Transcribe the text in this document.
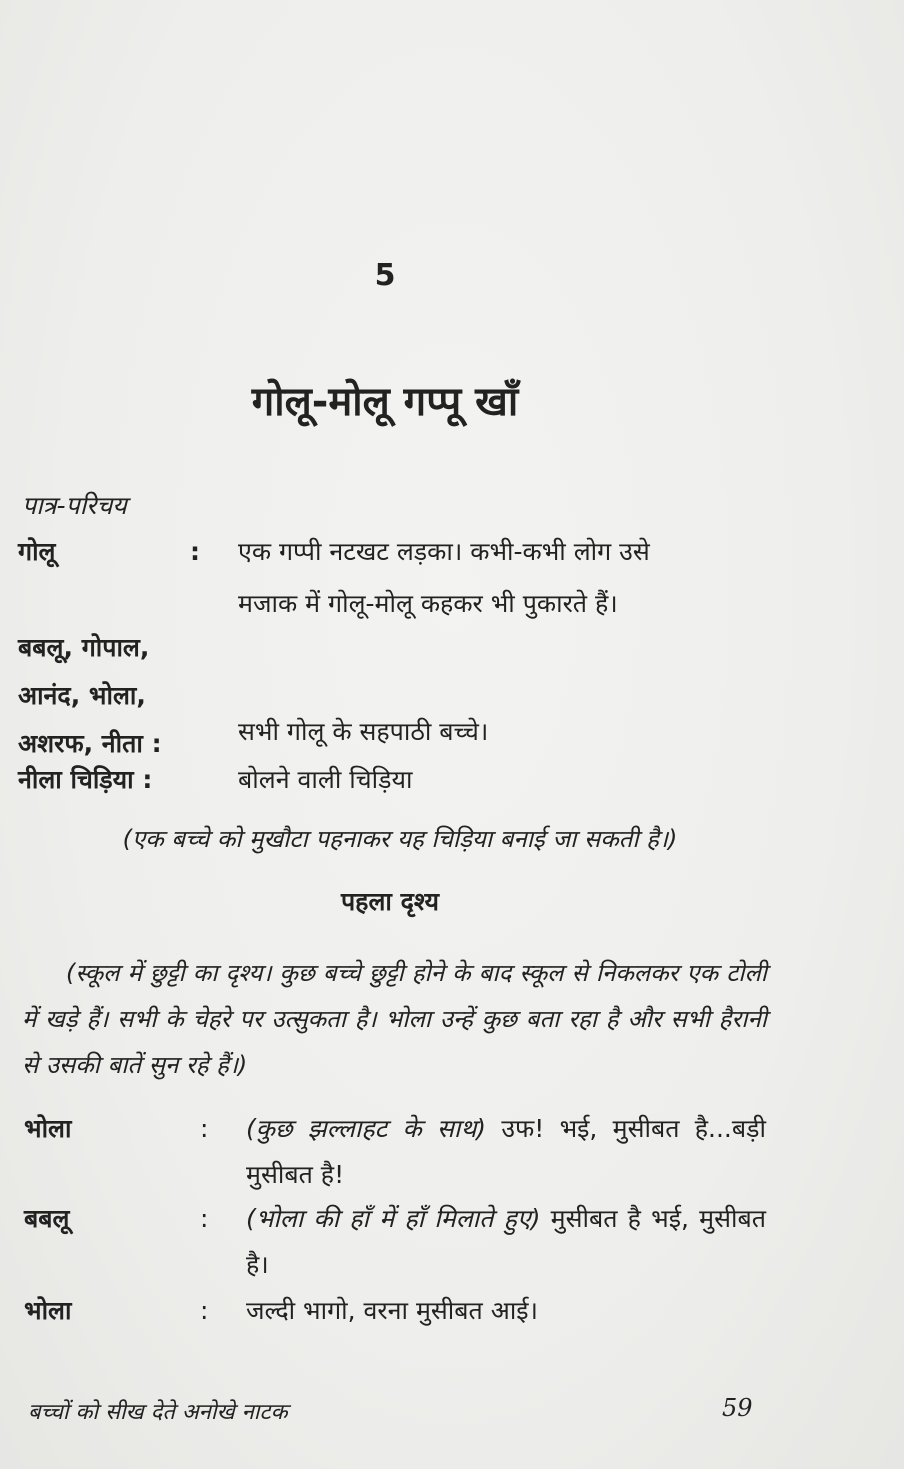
5
गोलू-मोलू गप्पू खाँ
पात्र-परिचय
गोलू	: एक गप्पी नटखट लड़का। कभी-कभी लोग उसे
मजाक में गोलू-मोलू कहकर भी पुकारते हैं।
बबलू, गोपाल,
आनंद, भोला,
अशरफ, नीता :	सभी गोलू के सहपाठी बच्चे।
नीला चिड़िया :	बोलने वाली चिड़िया
(एक बच्चे को मुखौटा पहनाकर यह चिड़िया बनाई जा सकती है।)
पहला दृश्य
(स्कूल में छुट्टी का दृश्य। कुछ बच्चे छुट्टी होने के बाद स्कूल से निकलकर एक टोली में खड़े हैं। सभी के चेहरे पर उत्सुकता है। भोला उन्हें कुछ बता रहा है और सभी हैरानी से उसकी बातें सुन रहे हैं।)
भोला	: (कुछ झल्लाहट के साथ) उफ! भई, मुसीबत है...बड़ी मुसीबत है!
बबलू	: (भोला की हाँ में हाँ मिलाते हुए) मुसीबत है भई, मुसीबत है।
भोला	: जल्दी भागो, वरना मुसीबत आई।
बच्चों को सीख देते अनोखे नाटक	59
